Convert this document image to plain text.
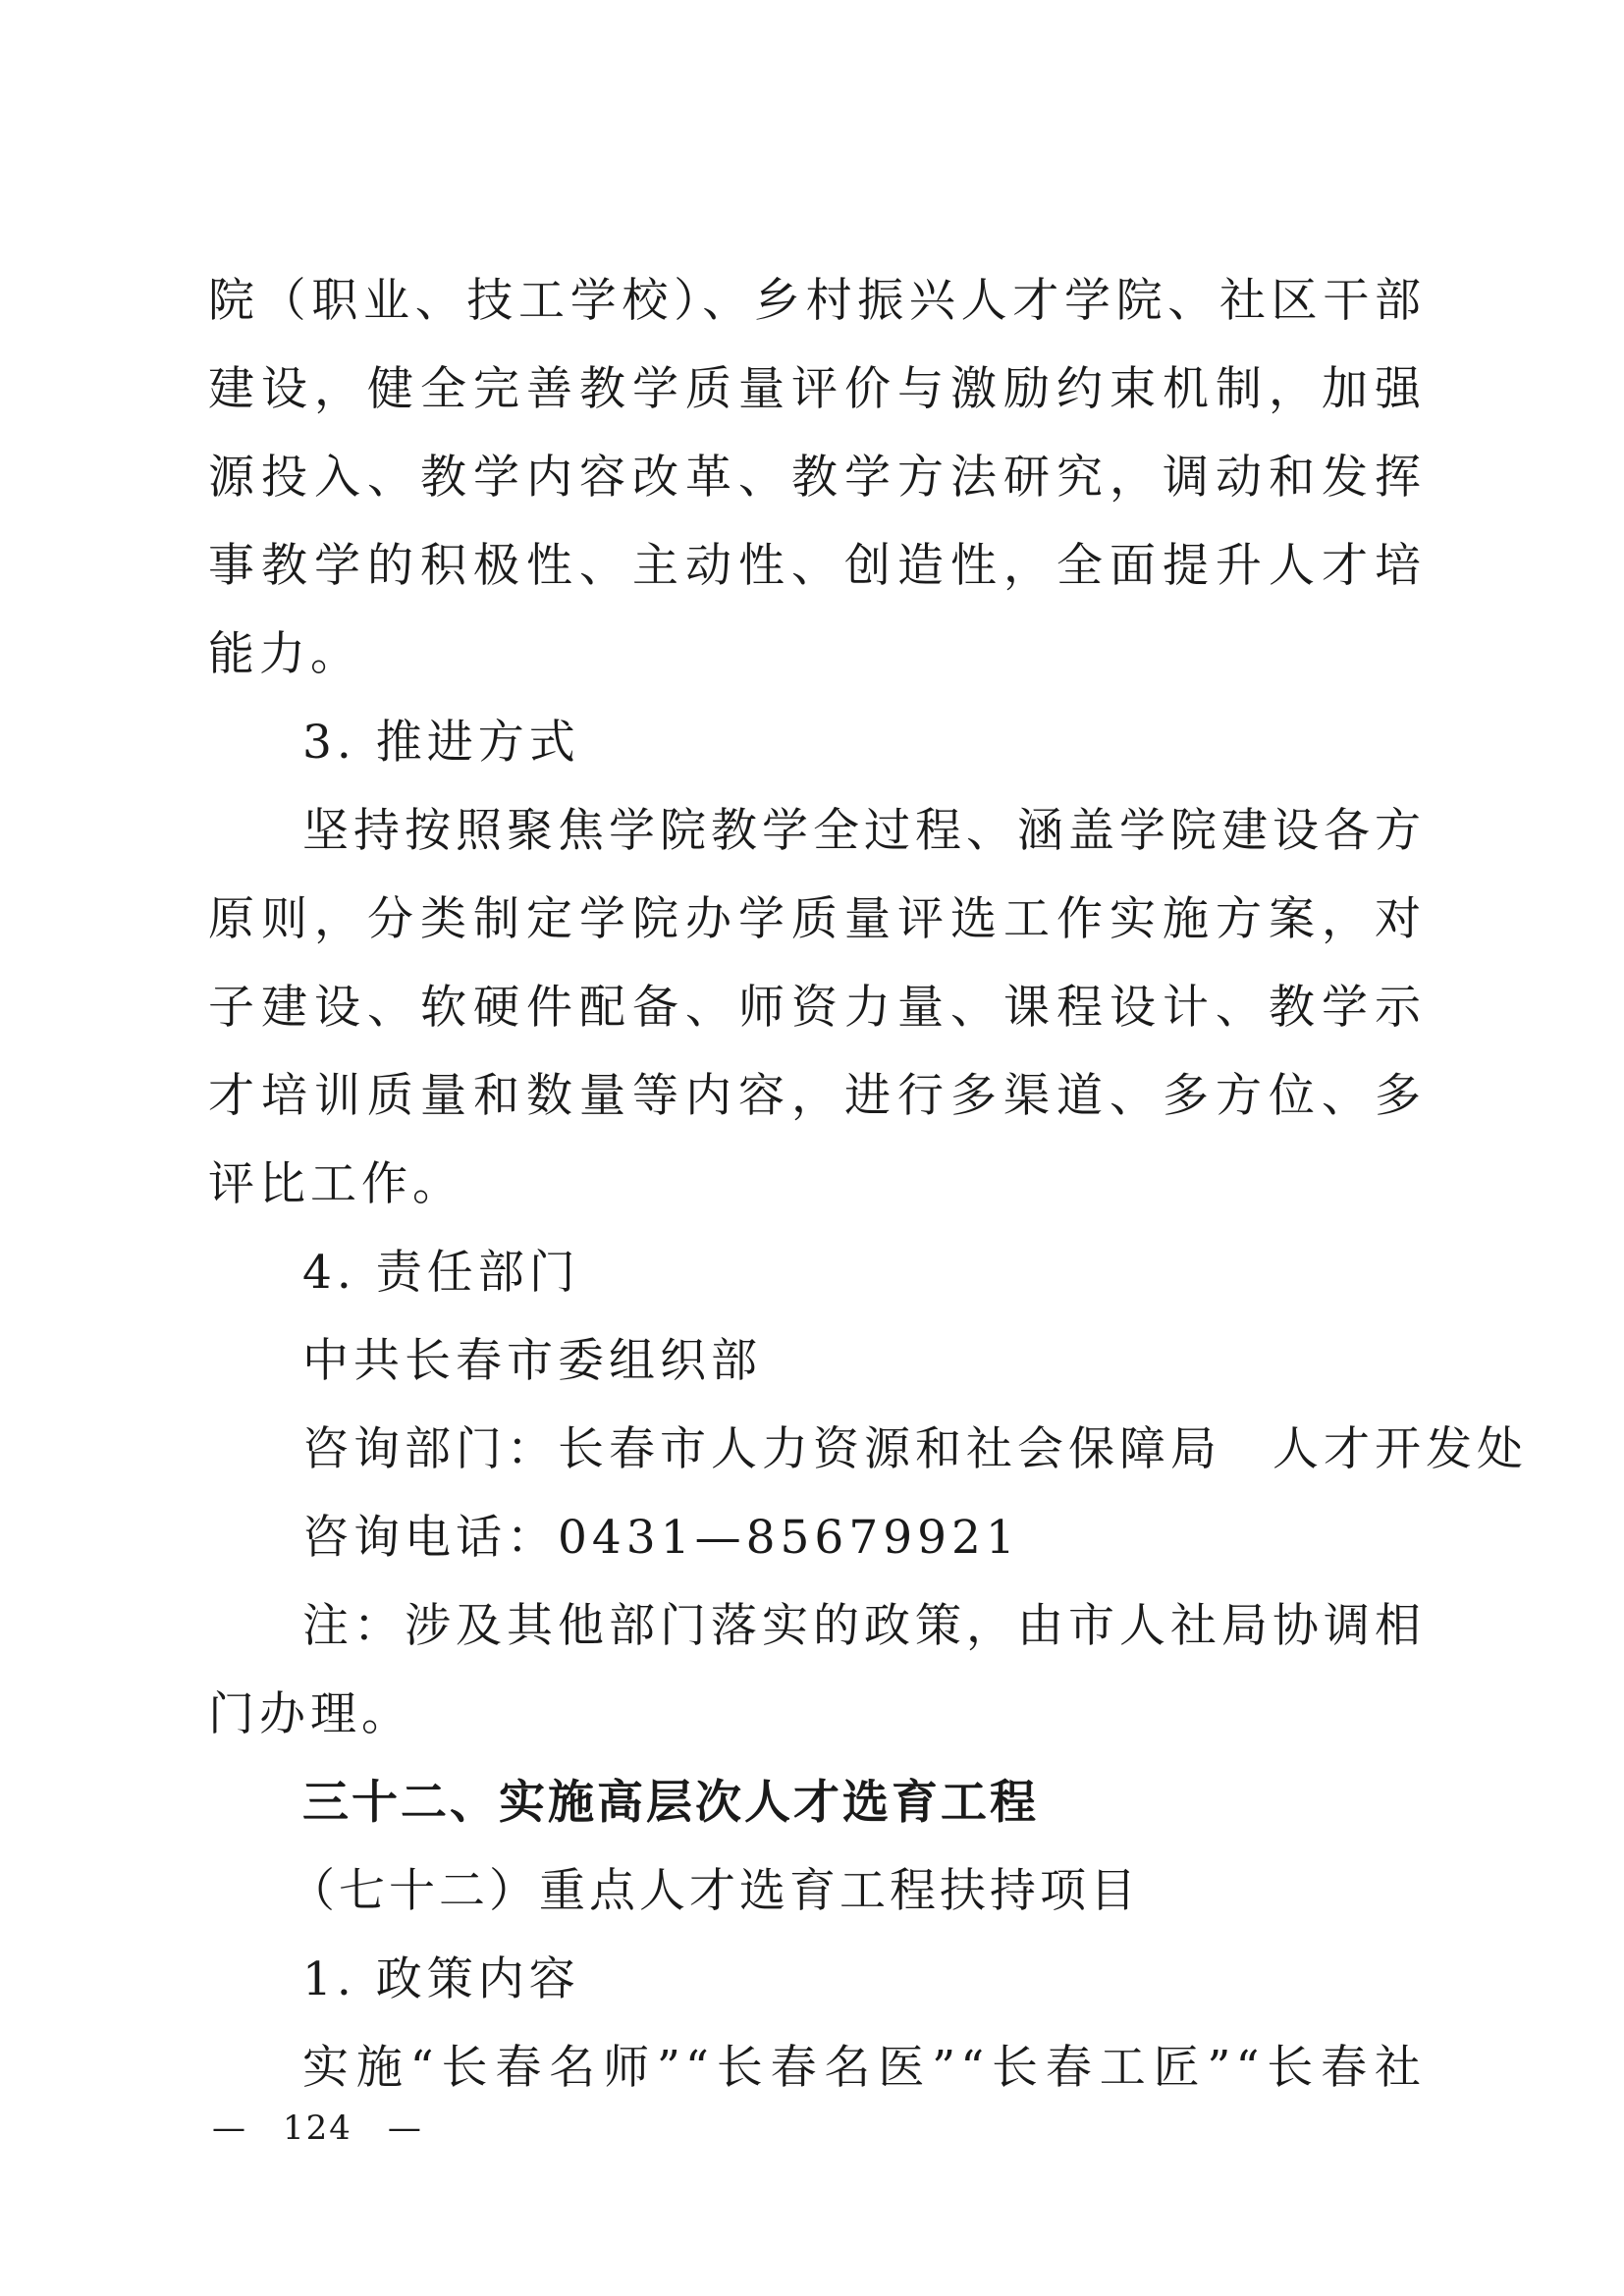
院（职业、技工学校）、乡村振兴人才学院、社区干部
建设，健全完善教学质量评价与激励约束机制，加强
源投入、教学内容改革、教学方法研究，调动和发挥
事教学的积极性、主动性、创造性，全面提升人才培
能力。
3. 推进方式
坚持按照聚焦学院教学全过程、涵盖学院建设各方
原则，分类制定学院办学质量评选工作实施方案，对
子建设、软硬件配备、师资力量、课程设计、教学示
才培训质量和数量等内容，进行多渠道、多方位、多
评比工作。
4. 责任部门
中共长春市委组织部
咨询部门：长春市人力资源和社会保障局　人才开发处
咨询电话：0431—85679921
注：涉及其他部门落实的政策，由市人社局协调相
门办理。
三十二、实施高层次人才选育工程
（七十二）重点人才选育工程扶持项目
1. 政策内容
实施“长春名师”“长春名医”“长春工匠”“长春社
—　124　—
